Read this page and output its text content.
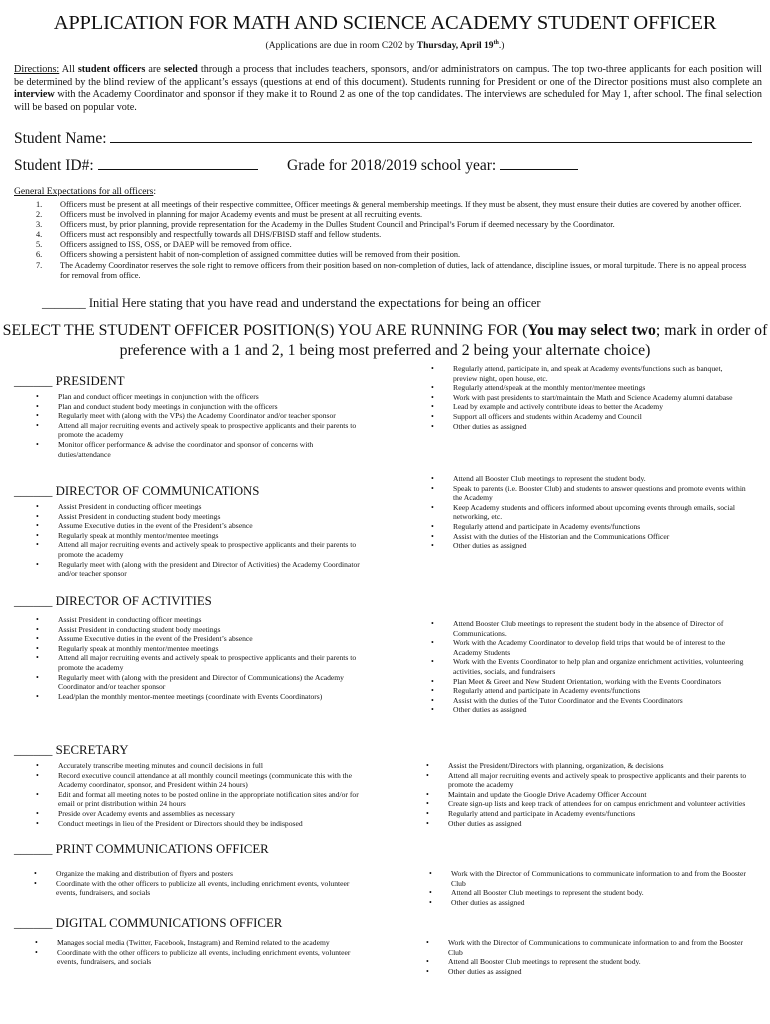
APPLICATION FOR MATH AND SCIENCE ACADEMY STUDENT OFFICER
(Applications are due in room C202 by Thursday, April 19th.)
Directions: All student officers are selected through a process that includes teachers, sponsors, and/or administrators on campus. The top two-three applicants for each position will be determined by the blind review of the applicant’s essays (questions at end of this document). Students running for President or one of the Director positions must also complete an interview with the Academy Coordinator and sponsor if they make it to Round 2 as one of the top candidates. The interviews are scheduled for May 1, after school. The final selection will be based on popular vote.
Student Name:
Student ID#:	Grade for 2018/2019 school year:
General Expectations for all officers:
1. Officers must be present at all meetings of their respective committee, Officer meetings & general membership meetings. If they must be absent, they must ensure their duties are covered by another officer.
2. Officers must be involved in planning for major Academy events and must be present at all recruiting events.
3. Officers must, by prior planning, provide representation for the Academy in the Dulles Student Council and Principal’s Forum if deemed necessary by the Coordinator.
4. Officers must act responsibly and respectfully towards all DHS/FBISD staff and fellow students.
5. Officers assigned to ISS, OSS, or DAEP will be removed from office.
6. Officers showing a persistent habit of non-completion of assigned committee duties will be removed from their position.
7. The Academy Coordinator reserves the sole right to remove officers from their position based on non-completion of duties, lack of attendance, discipline issues, or moral turpitude. There is no appeal process for removal from office.
_______ Initial Here stating that you have read and understand the expectations for being an officer
SELECT THE STUDENT OFFICER POSITION(S) YOU ARE RUNNING FOR (You may select two; mark in order of preference with a 1 and 2, 1 being most preferred and 2 being your alternate choice)
______ PRESIDENT
•	Plan and conduct officer meetings in conjunction with the officers
•	Plan and conduct student body meetings in conjunction with the officers
•	Regularly meet with (along with the VPs) the Academy Coordinator and/or teacher sponsor
•	Attend all major recruiting events and actively speak to prospective applicants and their parents to promote the academy
•	Monitor officer performance & advise the coordinator and sponsor of concerns with duties/attendance
•	Regularly attend, participate in, and speak at Academy events/functions such as banquet, preview night, open house, etc.
•	Regularly attend/speak at the monthly mentor/mentee meetings
•	Work with past presidents to start/maintain the Math and Science Academy alumni database
•	Lead by example and actively contribute ideas to better the Academy
•	Support all officers and students within Academy and Council
•	Other duties as assigned
______ DIRECTOR OF COMMUNICATIONS
•	Assist President in conducting officer meetings
•	Assist President in conducting student body meetings
•	Assume Executive duties in the event of the President’s absence
•	Regularly speak at monthly mentor/mentee meetings
•	Attend all major recruiting events and actively speak to prospective applicants and their parents to promote the academy
•	Regularly meet with (along with the president and Director of Activities) the Academy Coordinator and/or teacher sponsor
•	Attend all Booster Club meetings to represent the student body.
•	Speak to parents (i.e. Booster Club) and students to answer questions and promote events within the Academy
•	Keep Academy students and officers informed about upcoming events through emails, social networking, etc.
•	Regularly attend and participate in Academy events/functions
•	Assist with the duties of the Historian and the Communications Officer
•	Other duties as assigned
______ DIRECTOR OF ACTIVITIES
•	Assist President in conducting officer meetings
•	Assist President in conducting student body meetings
•	Assume Executive duties in the event of the President’s absence
•	Regularly speak at monthly mentor/mentee meetings
•	Attend all major recruiting events and actively speak to prospective applicants and their parents to promote the academy
•	Regularly meet with (along with the president and Director of Communications) the Academy Coordinator and/or teacher sponsor
•	Lead/plan the monthly mentor-mentee meetings (coordinate with Events Coordinators)
•	Attend Booster Club meetings to represent the student body in the absence of Director of Communications.
•	Work with the Academy Coordinator to develop field trips that would be of interest to the Academy Students
•	Work with the Events Coordinator to help plan and organize enrichment activities, volunteering activities, socials, and fundraisers
•	Plan Meet & Greet and New Student Orientation, working with the Events Coordinators
•	Regularly attend and participate in Academy events/functions
•	Assist with the duties of the Tutor Coordinator and the Events Coordinators
•	Other duties as assigned
______ SECRETARY
•	Accurately transcribe meeting minutes and council decisions in full
•	Record executive council attendance at all monthly council meetings (communicate this with the Academy coordinator, sponsor, and President within 24 hours)
•	Edit and format all meeting notes to be posted online in the appropriate notification sites and/or for email or print distribution within 24 hours
•	Preside over Academy events and assemblies as necessary
•	Conduct meetings in lieu of the President or Directors should they be indisposed
•	Assist the President/Directors with planning, organization, & decisions
•	Attend all major recruiting events and actively speak to prospective applicants and their parents to promote the academy
•	Maintain and update the Google Drive Academy Officer Account
•	Create sign-up lists and keep track of attendees for on campus enrichment and volunteer activities
•	Regularly attend and participate in Academy events/functions
•	Other duties as assigned
______ PRINT COMMUNICATIONS OFFICER
•	Organize the making and distribution of flyers and posters
•	Coordinate with the other officers to publicize all events, including enrichment events, volunteer events, fundraisers, and socials
•	Work with the Director of Communications to communicate information to and from the Booster Club
•	Attend all Booster Club meetings to represent the student body.
•	Other duties as assigned
______ DIGITAL COMMUNICATIONS OFFICER
•	Manages social media (Twitter, Facebook, Instagram) and Remind related to the academy
•	Coordinate with the other officers to publicize all events, including enrichment events, volunteer events, fundraisers, and socials
•	Work with the Director of Communications to communicate information to and from the Booster Club
•	Attend all Booster Club meetings to represent the student body.
•	Other duties as assigned
